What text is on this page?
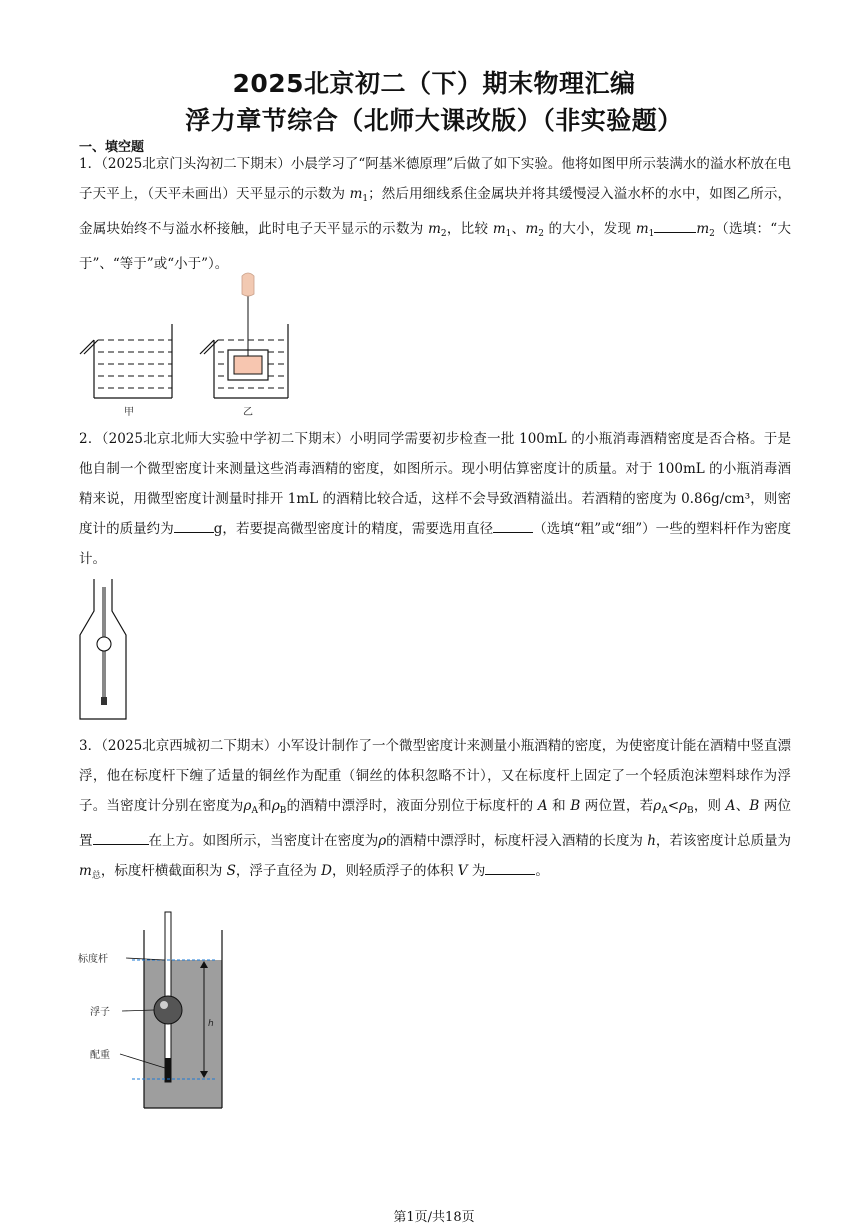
2025北京初二（下）期末物理汇编
浮力章节综合（北师大课改版）（非实验题）
一、填空题
1．（2025北京门头沟初二下期末）小晨学习了“阿基米德原理”后做了如下实验。他将如图甲所示装满水的溢水杯放在电子天平上，（天平未画出）天平显示的示数为 $m_1$；然后用细线系住金属块并将其缓慢浸入溢水杯的水中，如图乙所示，金属块始终不与溢水杯接触，此时电子天平显示的示数为 $m_2$，比较 $m_1$、$m_2$ 的大小，发现 $m_1$	$m_2$（选填：“大于”、“等于”或“小于”）。
甲	乙
2．（2025北京北师大实验中学初二下期末）小明同学需要初步检查一批 100mL 的小瓶消毒酒精密度是否合格。于是他自制一个微型密度计来测量这些消毒酒精的密度，如图所示。现小明估算密度计的质量。对于 100mL 的小瓶消毒酒精来说，用微型密度计测量时排开 1mL 的酒精比较合适，这样不会导致酒精溢出。若酒精的密度为 0.86g/cm³，则密度计的质量约为	g，若要提高微型密度计的精度，需要选用直径	（选填“粗”或“细”）一些的塑料杆作为密度计。
3．（2025北京西城初二下期末）小军设计制作了一个微型密度计来测量小瓶酒精的密度，为使密度计能在酒精中竖直漂浮，他在标度杆下缠了适量的铜丝作为配重（铜丝的体积忽略不计），又在标度杆上固定了一个轻质泡沫塑料球作为浮子。当密度计分别在密度为$\rho_A$和$\rho_B$的酒精中漂浮时，液面分别位于标度杆的 A 和 B 两位置，若$\rho_A<\rho_B$，则 A、B 两位置	在上方。如图所示，当密度计在密度为ρ的酒精中漂浮时，标度杆浸入酒精的长度为 h，若该密度计总质量为 $m_总$，标度杆横截面积为 S，浮子直径为 D，则轻质浮子的体积 V 为	。
标度杆
浮子
配重
h
第1页/共18页
